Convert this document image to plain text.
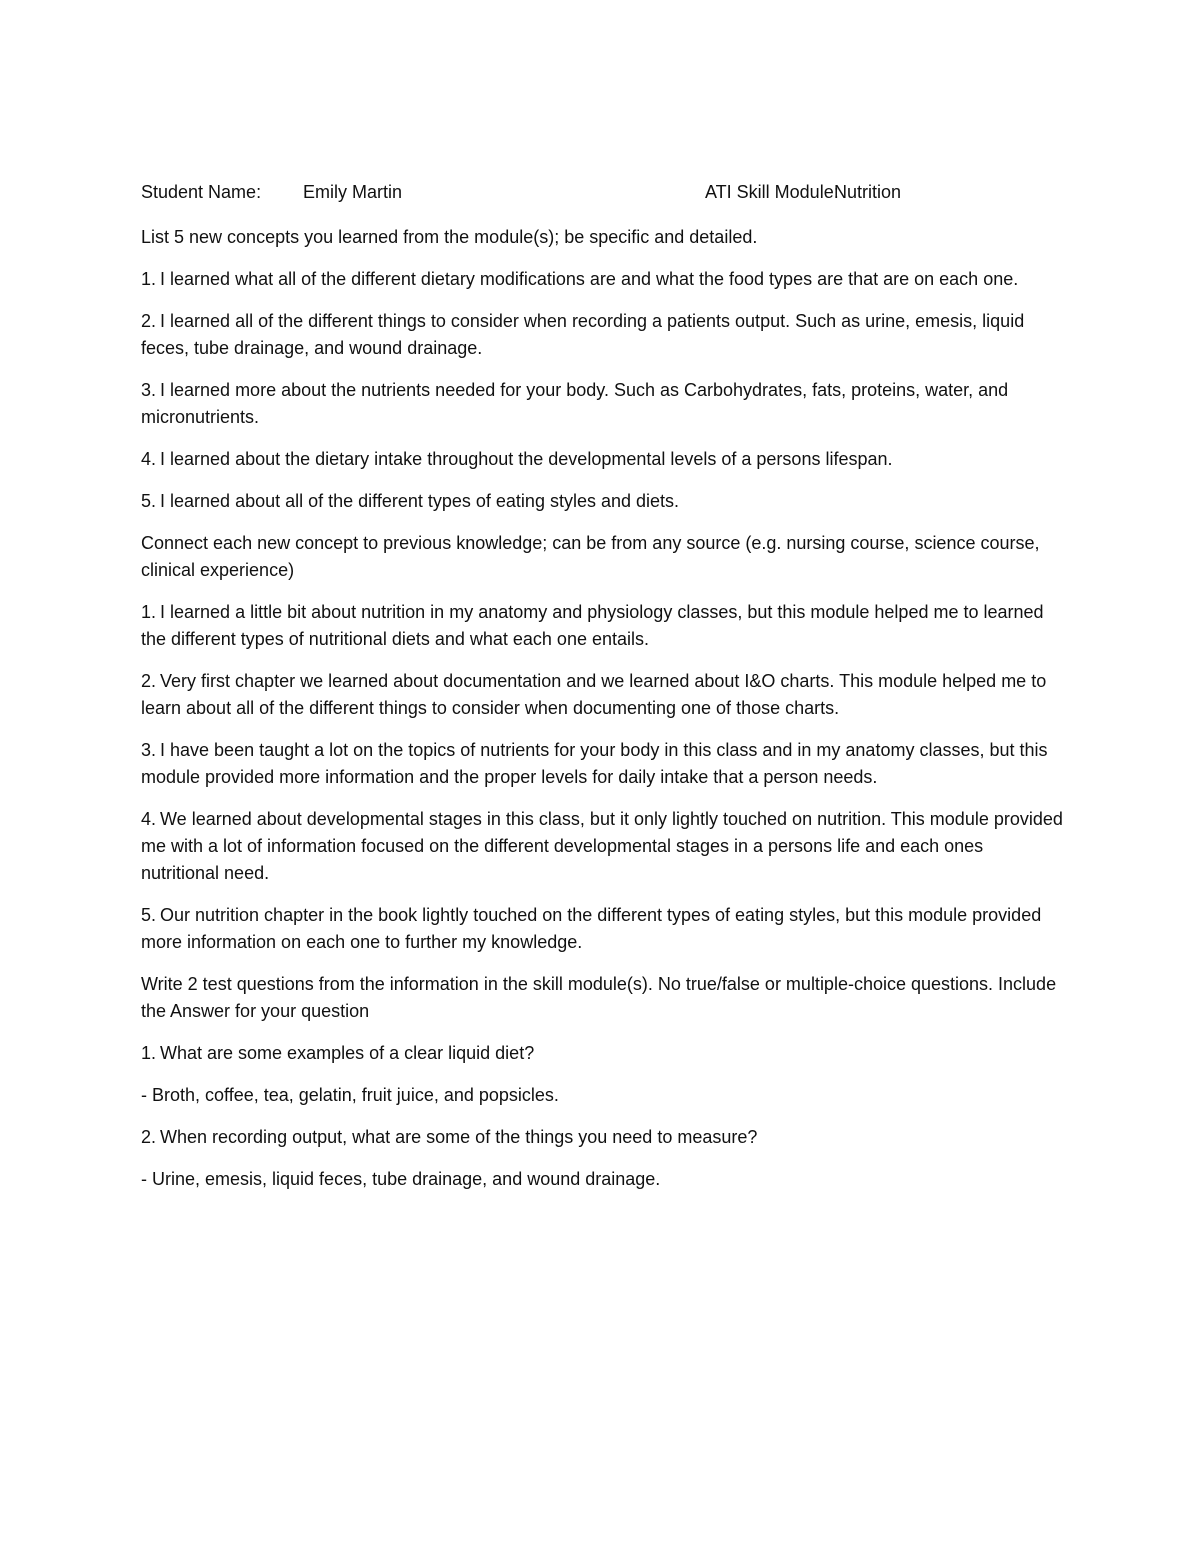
Student Name: Emily Martin	ATI Skill Module:
Nutrition

List 5 new concepts you learned from the module(s); be specific and detailed.

1. I learned what all of the different dietary modifications are and what the food types are that are on each one.

2. I learned all of the different things to consider when recording a patients output. Such as urine, emesis, liquid feces, tube drainage, and wound drainage.

3. I learned more about the nutrients needed for your body. Such as Carbohydrates, fats, proteins, water, and micronutrients.

4. I learned about the dietary intake throughout the developmental levels of a persons lifespan.

5. I learned about all of the different types of eating styles and diets.

Connect each new concept to previous knowledge; can be from any source (e.g. nursing course, science course, clinical experience)

1. I learned a little bit about nutrition in my anatomy and physiology classes, but this module helped me to learned the different types of nutritional diets and what each one entails.

2. Very first chapter we learned about documentation and we learned about I&O charts. This module helped me to learn about all of the different things to consider when documenting one of those charts.

3. I have been taught a lot on the topics of nutrients for your body in this class and in my anatomy classes, but this module provided more information and the proper levels for daily intake that a person needs.

4. We learned about developmental stages in this class, but it only lightly touched on nutrition. This module provided me with a lot of information focused on the different developmental stages in a persons life and each ones nutritional need.

5. Our nutrition chapter in the book lightly touched on the different types of eating styles, but this module provided more information on each one to further my knowledge.

Write 2 test questions from the information in the skill module(s). No true/false or multiple-choice questions. Include the Answer for your question

1. What are some examples of a clear liquid diet?

- Broth, coffee, tea, gelatin, fruit juice, and popsicles.

2. When recording output, what are some of the things you need to measure?

- Urine, emesis, liquid feces, tube drainage, and wound drainage.
